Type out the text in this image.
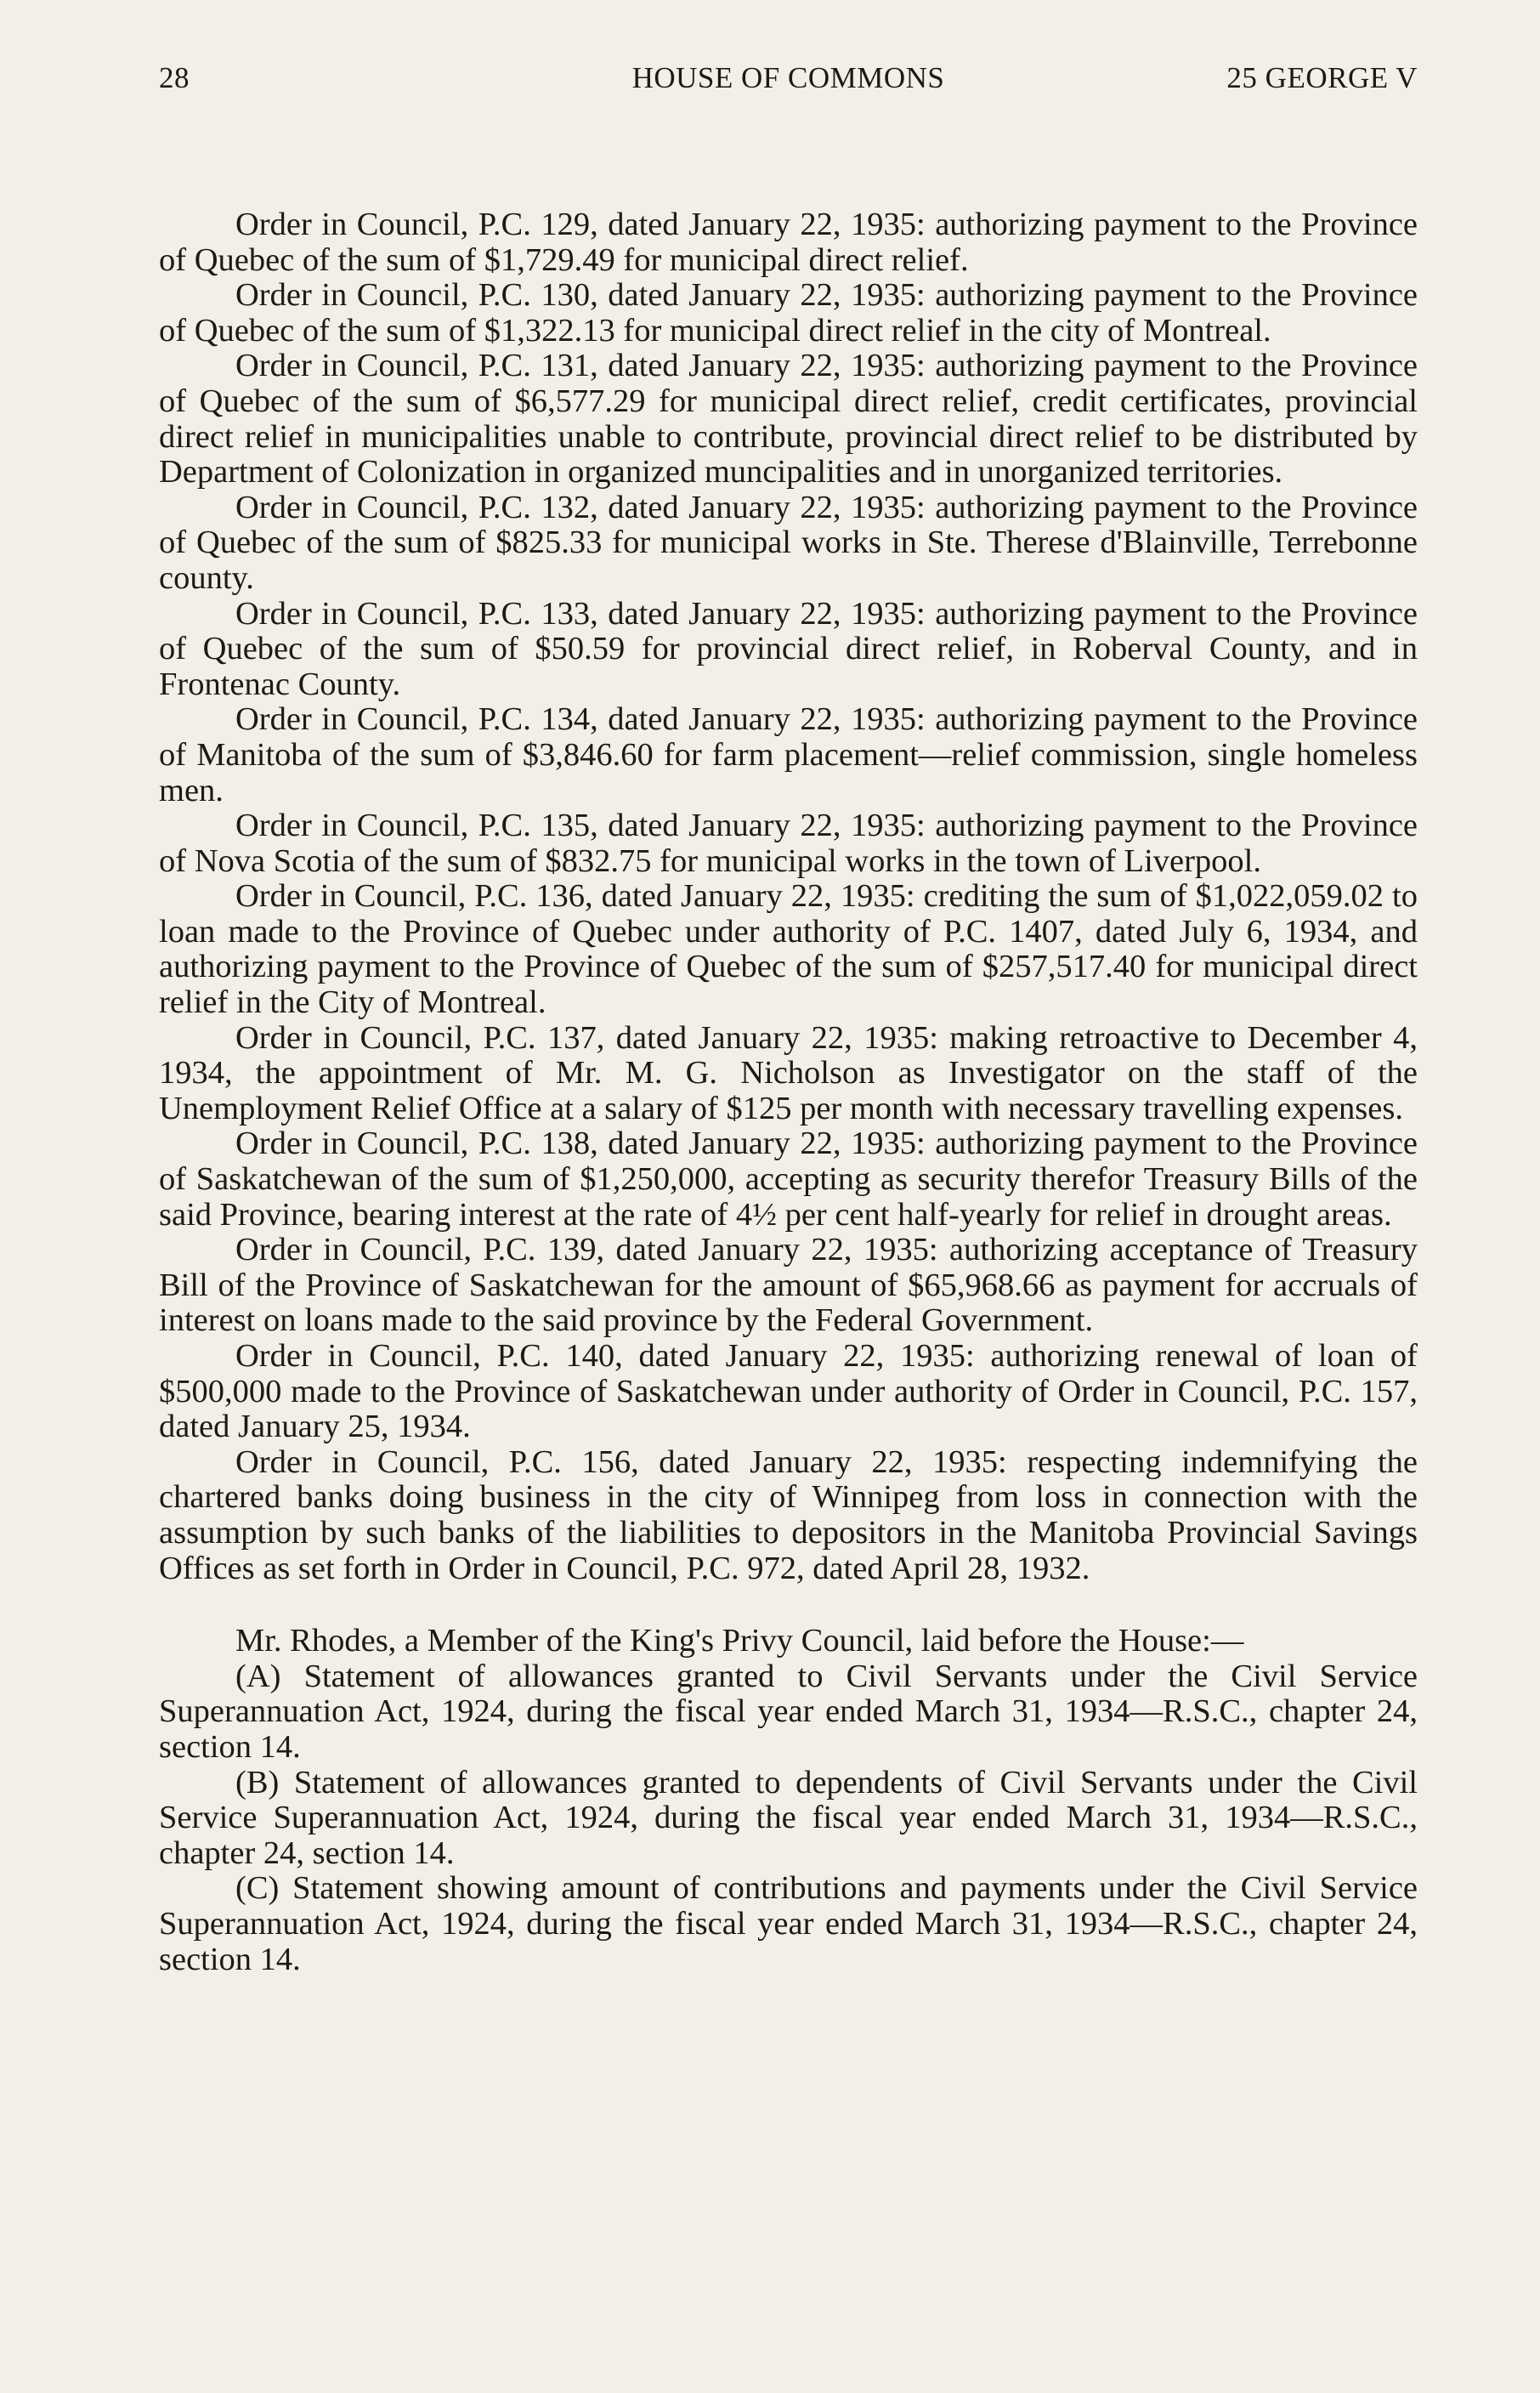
28	HOUSE OF COMMONS	25 GEORGE V

Order in Council, P.C. 129, dated January 22, 1935: authorizing payment to the Province of Quebec of the sum of $1,729.49 for municipal direct relief.

Order in Council, P.C. 130, dated January 22, 1935: authorizing payment to the Province of Quebec of the sum of $1,322.13 for municipal direct relief in the city of Montreal.

Order in Council, P.C. 131, dated January 22, 1935: authorizing payment to the Province of Quebec of the sum of $6,577.29 for municipal direct relief, credit certificates, provincial direct relief in municipalities unable to contribute, provincial direct relief to be distributed by Department of Colonization in organized muncipalities and in unorganized territories.

Order in Council, P.C. 132, dated January 22, 1935: authorizing payment to the Province of Quebec of the sum of $825.33 for municipal works in Ste. Therese d'Blainville, Terrebonne county.

Order in Council, P.C. 133, dated January 22, 1935: authorizing payment to the Province of Quebec of the sum of $50.59 for provincial direct relief, in Roberval County, and in Frontenac County.

Order in Council, P.C. 134, dated January 22, 1935: authorizing payment to the Province of Manitoba of the sum of $3,846.60 for farm placement—relief commission, single homeless men.

Order in Council, P.C. 135, dated January 22, 1935: authorizing payment to the Province of Nova Scotia of the sum of $832.75 for municipal works in the town of Liverpool.

Order in Council, P.C. 136, dated January 22, 1935: crediting the sum of $1,022,059.02 to loan made to the Province of Quebec under authority of P.C. 1407, dated July 6, 1934, and authorizing payment to the Province of Quebec of the sum of $257,517.40 for municipal direct relief in the City of Montreal.

Order in Council, P.C. 137, dated January 22, 1935: making retroactive to December 4, 1934, the appointment of Mr. M. G. Nicholson as Investigator on the staff of the Unemployment Relief Office at a salary of $125 per month with necessary travelling expenses.

Order in Council, P.C. 138, dated January 22, 1935: authorizing payment to the Province of Saskatchewan of the sum of $1,250,000, accepting as security therefor Treasury Bills of the said Province, bearing interest at the rate of 4½ per cent half-yearly for relief in drought areas.

Order in Council, P.C. 139, dated January 22, 1935: authorizing acceptance of Treasury Bill of the Province of Saskatchewan for the amount of $65,968.66 as payment for accruals of interest on loans made to the said province by the Federal Government.

Order in Council, P.C. 140, dated January 22, 1935: authorizing renewal of loan of $500,000 made to the Province of Saskatchewan under authority of Order in Council, P.C. 157, dated January 25, 1934.

Order in Council, P.C. 156, dated January 22, 1935: respecting indemnifying the chartered banks doing business in the city of Winnipeg from loss in connection with the assumption by such banks of the liabilities to depositors in the Manitoba Provincial Savings Offices as set forth in Order in Council, P.C. 972, dated April 28, 1932.

Mr. Rhodes, a Member of the King's Privy Council, laid before the House:—

(A) Statement of allowances granted to Civil Servants under the Civil Service Superannuation Act, 1924, during the fiscal year ended March 31, 1934—R.S.C., chapter 24, section 14.

(B) Statement of allowances granted to dependents of Civil Servants under the Civil Service Superannuation Act, 1924, during the fiscal year ended March 31, 1934—R.S.C., chapter 24, section 14.

(C) Statement showing amount of contributions and payments under the Civil Service Superannuation Act, 1924, during the fiscal year ended March 31, 1934—R.S.C., chapter 24, section 14.
